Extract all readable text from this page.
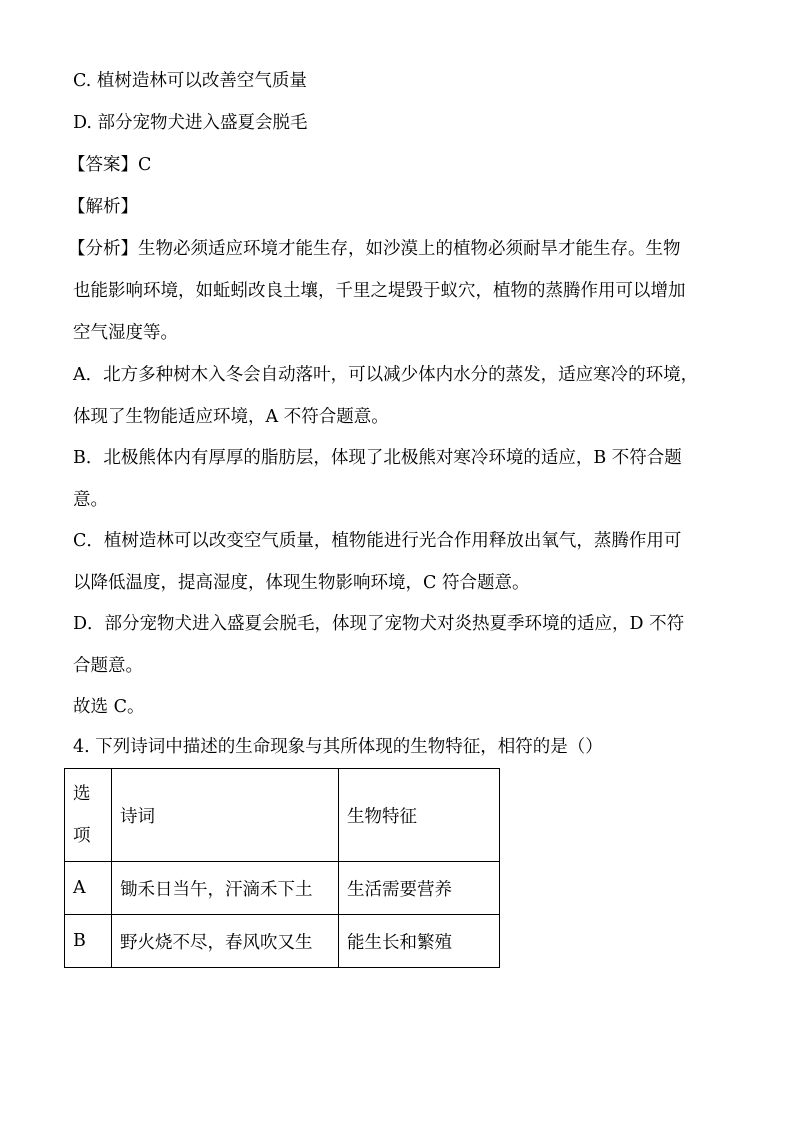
C. 植树造林可以改善空气质量
D. 部分宠物犬进入盛夏会脱毛
【答案】C
【解析】
【分析】生物必须适应环境才能生存，如沙漠上的植物必须耐旱才能生存。生物
也能影响环境，如蚯蚓改良土壤，千里之堤毁于蚁穴，植物的蒸腾作用可以增加
空气湿度等。
A．北方多种树木入冬会自动落叶，可以减少体内水分的蒸发，适应寒冷的环境，
体现了生物能适应环境，A 不符合题意。
B．北极熊体内有厚厚的脂肪层，体现了北极熊对寒冷环境的适应，B 不符合题
意。
C．植树造林可以改变空气质量，植物能进行光合作用释放出氧气，蒸腾作用可
以降低温度，提高湿度，体现生物影响环境，C 符合题意。
D．部分宠物犬进入盛夏会脱毛，体现了宠物犬对炎热夏季环境的适应，D 不符
合题意。
故选 C。
4. 下列诗词中描述的生命现象与其所体现的生物特征，相符的是（）
选
项	诗词	生物特征
A	锄禾日当午，汗滴禾下土	生活需要营养
B	野火烧不尽，春风吹又生	能生长和繁殖
